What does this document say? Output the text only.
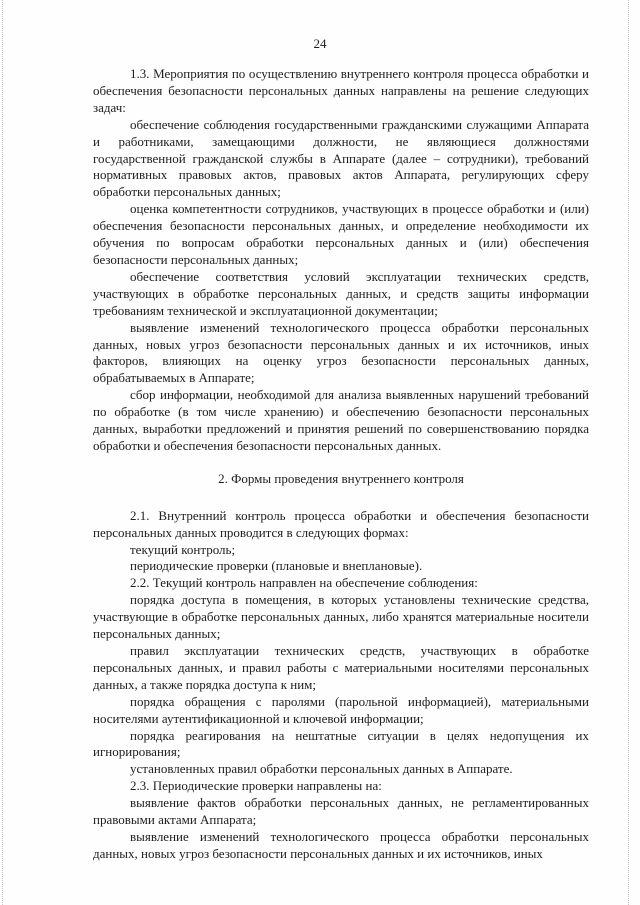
24

1.3. Мероприятия по осуществлению внутреннего контроля процесса обработки и обеспечения безопасности персональных данных направлены на решение следующих задач:

обеспечение соблюдения государственными гражданскими служащими Аппарата и работниками, замещающими должности, не являющиеся должностями государственной гражданской службы в Аппарате (далее – сотрудники), требований нормативных правовых актов, правовых актов Аппарата, регулирующих сферу обработки персональных данных;

оценка компетентности сотрудников, участвующих в процессе обработки и (или) обеспечения безопасности персональных данных, и определение необходимости их обучения по вопросам обработки персональных данных и (или) обеспечения безопасности персональных данных;

обеспечение соответствия условий эксплуатации технических средств, участвующих в обработке персональных данных, и средств защиты информации требованиям технической и эксплуатационной документации;

выявление изменений технологического процесса обработки персональных данных, новых угроз безопасности персональных данных и их источников, иных факторов, влияющих на оценку угроз безопасности персональных данных, обрабатываемых в Аппарате;

сбор информации, необходимой для анализа выявленных нарушений требований по обработке (в том числе хранению) и обеспечению безопасности персональных данных, выработки предложений и принятия решений по совершенствованию порядка обработки и обеспечения безопасности персональных данных.

2. Формы проведения внутреннего контроля

2.1. Внутренний контроль процесса обработки и обеспечения безопасности персональных данных проводится в следующих формах:

текущий контроль;

периодические проверки (плановые и внеплановые).

2.2. Текущий контроль направлен на обеспечение соблюдения:

порядка доступа в помещения, в которых установлены технические средства, участвующие в обработке персональных данных, либо хранятся материальные носители персональных данных;

правил эксплуатации технических средств, участвующих в обработке персональных данных, и правил работы с материальными носителями персональных данных, а также порядка доступа к ним;

порядка обращения с паролями (парольной информацией), материальными носителями аутентификационной и ключевой информации;

порядка реагирования на нештатные ситуации в целях недопущения их игнорирования;

установленных правил обработки персональных данных в Аппарате.

2.3. Периодические проверки направлены на:

выявление фактов обработки персональных данных, не регламентированных правовыми актами Аппарата;

выявление изменений технологического процесса обработки персональных данных, новых угроз безопасности персональных данных и их источников, иных
